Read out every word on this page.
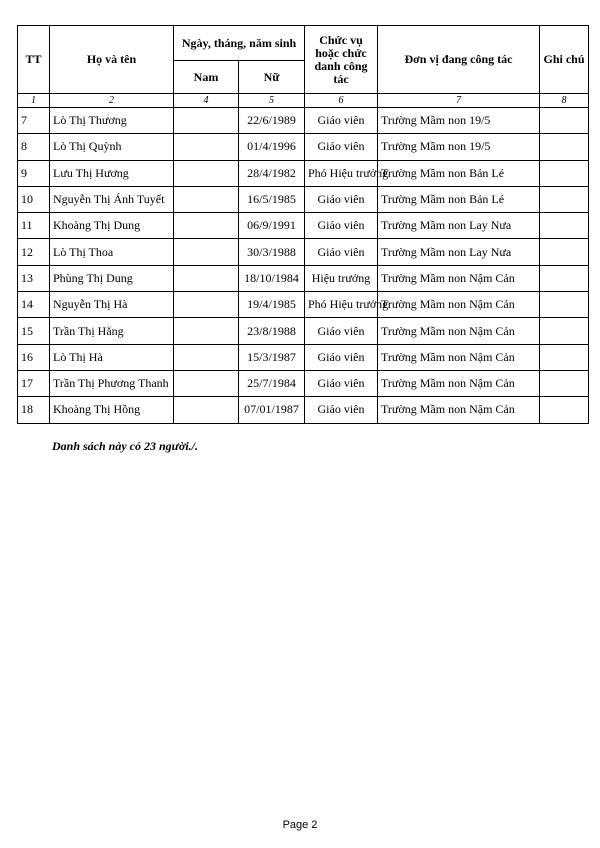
TT	Họ và tên	Ngày, tháng, năm sinh		Chức vụ hoặc chức danh công tác	Đơn vị đang công tác	Ghi chú
		Nam	Nữ			
1	2	4	5	6	7	8
7	Lò Thị Thương		22/6/1989	Giáo viên	Trường Mầm non 19/5	
8	Lò Thị Quỳnh		01/4/1996	Giáo viên	Trường Mầm non 19/5	
9	Lưu Thị Hương		28/4/1982	Phó Hiệu trưởng	Trường Mầm non Bản Lé	
10	Nguyễn Thị Ánh Tuyết		16/5/1985	Giáo viên	Trường Mầm non Bản Lé	
11	Khoàng Thị Dung		06/9/1991	Giáo viên	Trường Mầm non Lay Nưa	
12	Lò Thị Thoa		30/3/1988	Giáo viên	Trường Mầm non Lay Nưa	
13	Phùng Thị Dung		18/10/1984	Hiệu trưởng	Trường Mầm non Nậm Cản	
14	Nguyễn Thị Hà		19/4/1985	Phó Hiệu trưởng	Trường Mầm non Nậm Cản	
15	Trần Thị Hằng		23/8/1988	Giáo viên	Trường Mầm non Nậm Cản	
16	Lò Thị Hà		15/3/1987	Giáo viên	Trường Mầm non Nậm Cản	
17	Trần Thị Phương Thanh		25/7/1984	Giáo viên	Trường Mầm non Nậm Cản	
18	Khoàng Thị Hồng		07/01/1987	Giáo viên	Trường Mầm non Nậm Cản	
Danh sách này có 23 người./.
Page 2
